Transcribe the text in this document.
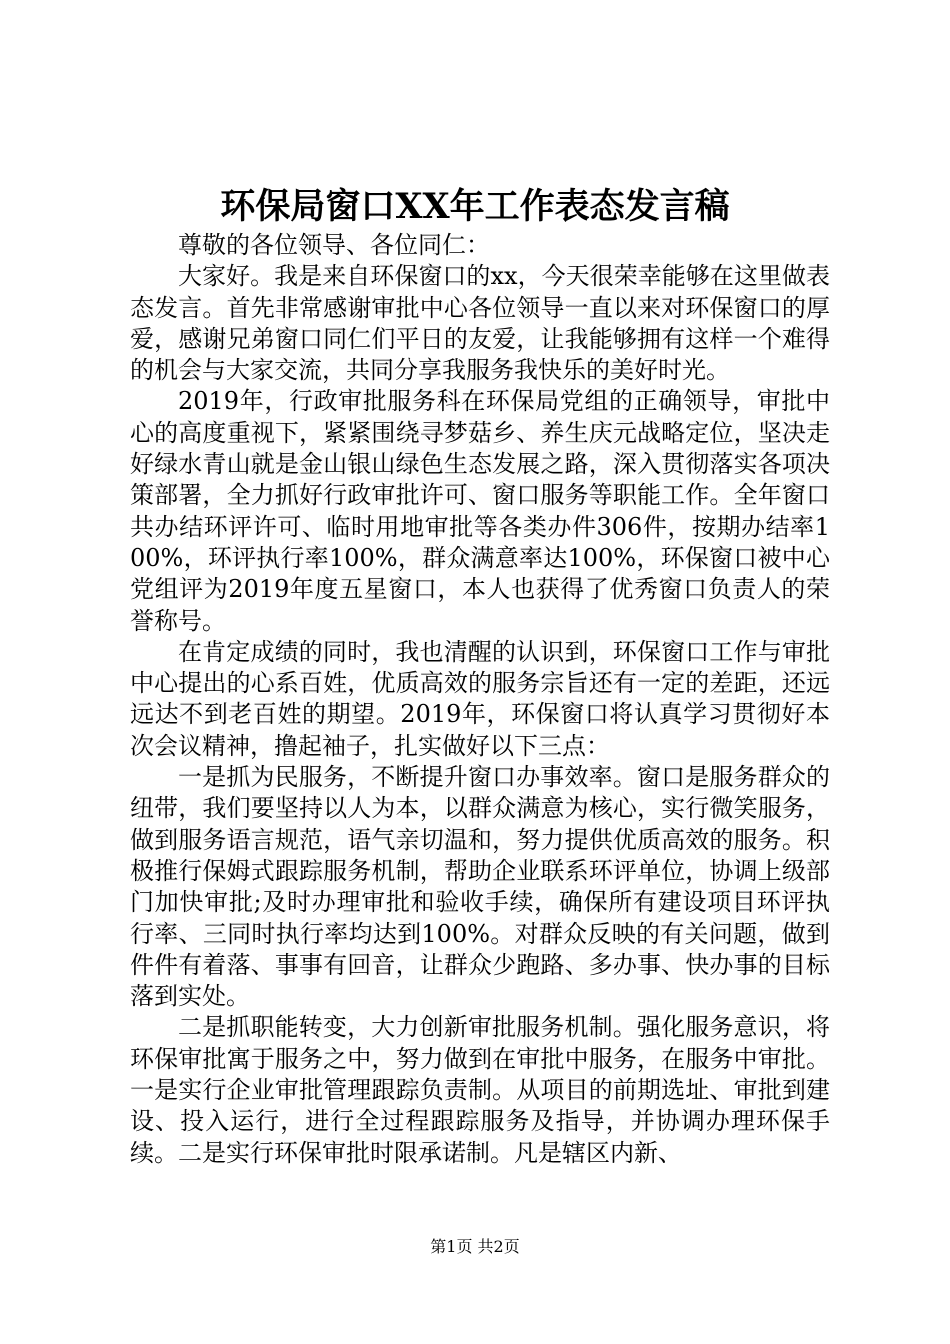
环保局窗口XX年工作表态发言稿

尊敬的各位领导、各位同仁：

大家好。我是来自环保窗口的xx，今天很荣幸能够在这里做表态发言。首先非常感谢审批中心各位领导一直以来对环保窗口的厚爱，感谢兄弟窗口同仁们平日的友爱，让我能够拥有这样一个难得的机会与大家交流，共同分享我服务我快乐的美好时光。

2019年，行政审批服务科在环保局党组的正确领导，审批中心的高度重视下，紧紧围绕寻梦菇乡、养生庆元战略定位，坚决走好绿水青山就是金山银山绿色生态发展之路，深入贯彻落实各项决策部署，全力抓好行政审批许可、窗口服务等职能工作。全年窗口共办结环评许可、临时用地审批等各类办件306件，按期办结率100%，环评执行率100%，群众满意率达100%，环保窗口被中心党组评为2019年度五星窗口，本人也获得了优秀窗口负责人的荣誉称号。

在肯定成绩的同时，我也清醒的认识到，环保窗口工作与审批中心提出的心系百姓，优质高效的服务宗旨还有一定的差距，还远远达不到老百姓的期望。2019年，环保窗口将认真学习贯彻好本次会议精神，撸起袖子，扎实做好以下三点：

一是抓为民服务，不断提升窗口办事效率。窗口是服务群众的纽带，我们要坚持以人为本，以群众满意为核心，实行微笑服务，做到服务语言规范，语气亲切温和，努力提供优质高效的服务。积极推行保姆式跟踪服务机制，帮助企业联系环评单位，协调上级部门加快审批;及时办理审批和验收手续，确保所有建设项目环评执行率、三同时执行率均达到100%。对群众反映的有关问题，做到件件有着落、事事有回音，让群众少跑路、多办事、快办事的目标落到实处。

二是抓职能转变，大力创新审批服务机制。强化服务意识，将环保审批寓于服务之中，努力做到在审批中服务，在服务中审批。一是实行企业审批管理跟踪负责制。从项目的前期选址、审批到建设、投入运行，进行全过程跟踪服务及指导，并协调办理环保手续。二是实行环保审批时限承诺制。凡是辖区内新、

第1页 共2页
